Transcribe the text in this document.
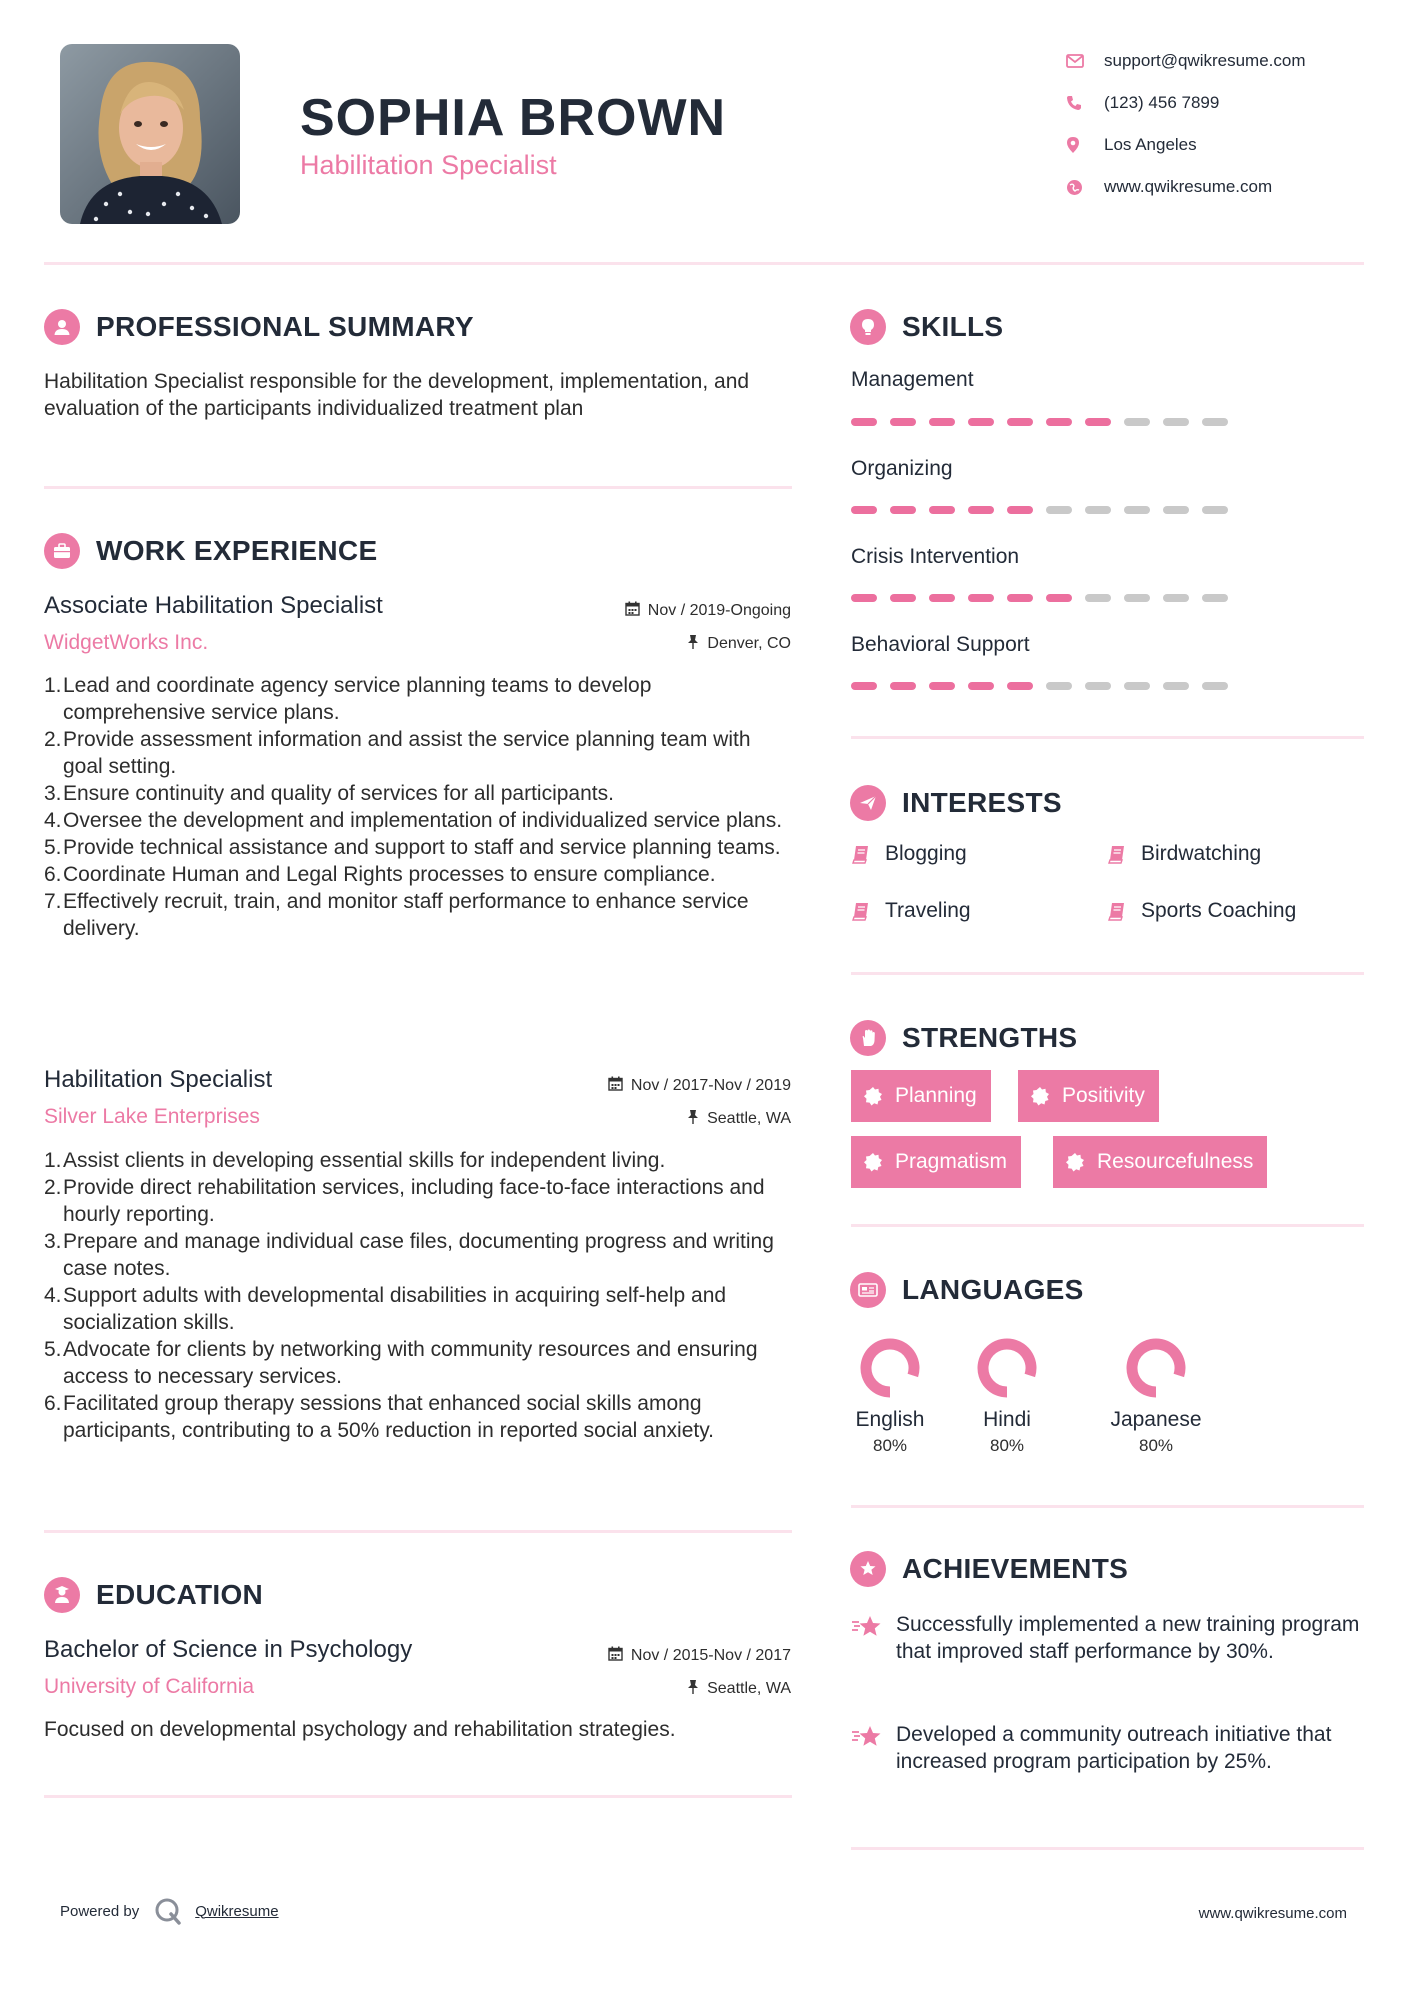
SOPHIA BROWN
Habilitation Specialist
support@qwikresume.com
(123) 456 7899
Los Angeles
www.qwikresume.com
PROFESSIONAL SUMMARY
Habilitation Specialist responsible for the development, implementation, and evaluation of the participants individualized treatment plan
WORK EXPERIENCE
Associate Habilitation Specialist
WidgetWorks Inc.
Nov / 2019-Ongoing
Denver, CO
1. Lead and coordinate agency service planning teams to develop comprehensive service plans.
2. Provide assessment information and assist the service planning team with goal setting.
3. Ensure continuity and quality of services for all participants.
4. Oversee the development and implementation of individualized service plans.
5. Provide technical assistance and support to staff and service planning teams.
6. Coordinate Human and Legal Rights processes to ensure compliance.
7. Effectively recruit, train, and monitor staff performance to enhance service delivery.
Habilitation Specialist
Silver Lake Enterprises
Nov / 2017-Nov / 2019
Seattle, WA
1. Assist clients in developing essential skills for independent living.
2. Provide direct rehabilitation services, including face-to-face interactions and hourly reporting.
3. Prepare and manage individual case files, documenting progress and writing case notes.
4. Support adults with developmental disabilities in acquiring self-help and socialization skills.
5. Advocate for clients by networking with community resources and ensuring access to necessary services.
6. Facilitated group therapy sessions that enhanced social skills among participants, contributing to a 50% reduction in reported social anxiety.
EDUCATION
Bachelor of Science in Psychology
University of California
Nov / 2015-Nov / 2017
Seattle, WA
Focused on developmental psychology and rehabilitation strategies.
SKILLS
Management
Organizing
Crisis Intervention
Behavioral Support
INTERESTS
Blogging	Birdwatching
Traveling	Sports Coaching
STRENGTHS
Planning	Positivity
Pragmatism	Resourcefulness
LANGUAGES
English
80%
Hindi
80%
Japanese
80%
ACHIEVEMENTS
Successfully implemented a new training program that improved staff performance by 30%.
Developed a community outreach initiative that increased program participation by 25%.
Powered by	Qwikresume	www.qwikresume.com
